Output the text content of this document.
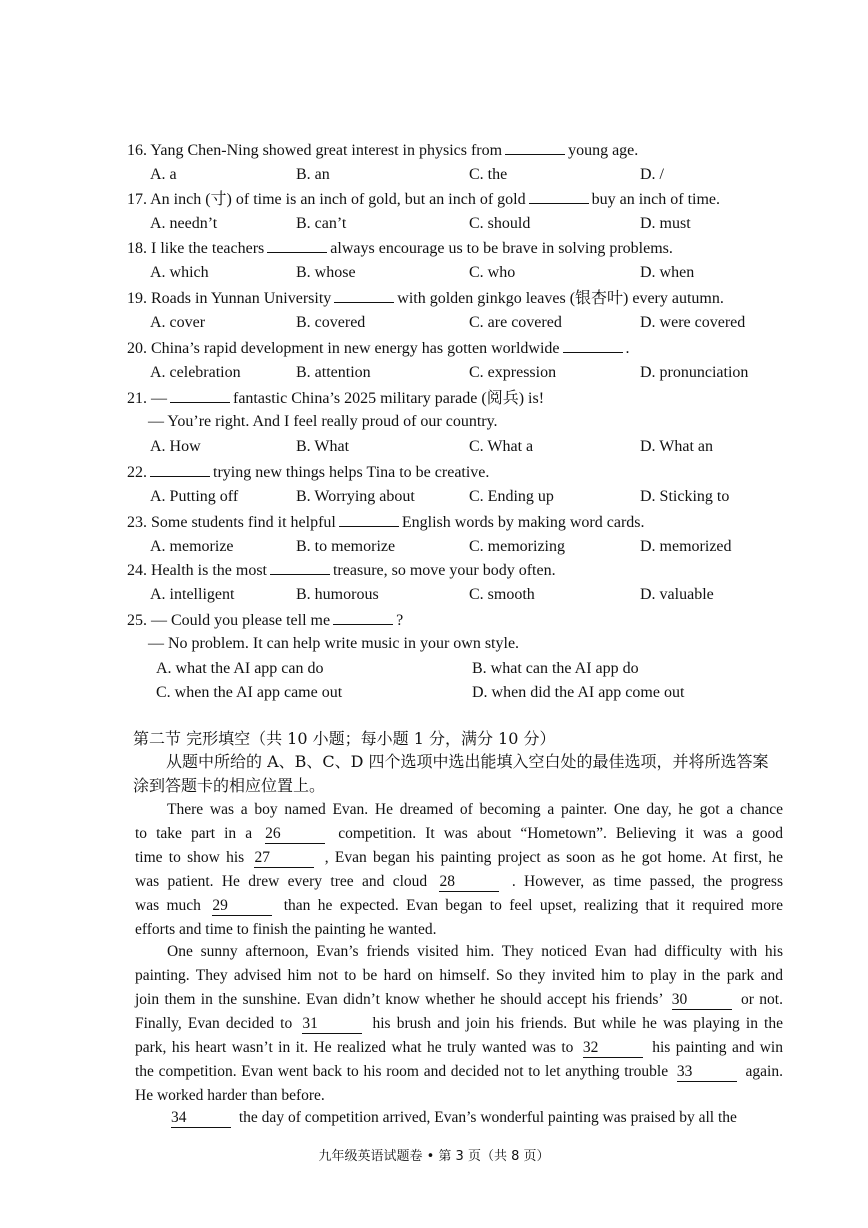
16. Yang Chen-Ning showed great interest in physics from	young age.
A. a	B. an	C. the	D. /
17. An inch (寸) of time is an inch of gold, but an inch of gold	buy an inch of time.
A. needn’t	B. can’t	C. should	D. must
18. I like the teachers	always encourage us to be brave in solving problems.
A. which	B. whose	C. who	D. when
19. Roads in Yunnan University	with golden ginkgo leaves (银杏叶) every autumn.
A. cover	B. covered	C. are covered	D. were covered
20. China’s rapid development in new energy has gotten worldwide	.
A. celebration	B. attention	C. expression	D. pronunciation
21. —	fantastic China’s 2025 military parade (阅兵) is!
— You’re right. And I feel really proud of our country.
A. How	B. What	C. What a	D. What an
22.	trying new things helps Tina to be creative.
A. Putting off	B. Worrying about	C. Ending up	D. Sticking to
23. Some students find it helpful	English words by making word cards.
A. memorize	B. to memorize	C. memorizing	D. memorized
24. Health is the most	treasure, so move your body often.
A. intelligent	B. humorous	C. smooth	D. valuable
25. — Could you please tell me	?
— No problem. It can help write music in your own style.
A. what the AI app can do	B. what can the AI app do
C. when the AI app came out	D. when did the AI app come out
第二节 完形填空（共 10 小题；每小题 1 分，满分 10 分）
从题中所给的 A、B、C、D 四个选项中选出能填入空白处的最佳选项，并将所选答案
涂到答题卡的相应位置上。
There was a boy named Evan. He dreamed of becoming a painter. One day, he got a chance
to take part in a 26	competition. It was about “Hometown”. Believing it was a good
time to show his 27	, Evan began his painting project as soon as he got home. At first, he
was patient. He drew every tree and cloud 28	. However, as time passed, the progress
was much 29	than he expected. Evan began to feel upset, realizing that it required more
efforts and time to finish the painting he wanted.
One sunny afternoon, Evan’s friends visited him. They noticed Evan had difficulty with his
painting. They advised him not to be hard on himself. So they invited him to play in the park and
join them in the sunshine. Evan didn’t know whether he should accept his friends’ 30	or not.
Finally, Evan decided to 31	his brush and join his friends. But while he was playing in the
park, his heart wasn’t in it. He realized what he truly wanted was to 32	his painting and win
the competition. Evan went back to his room and decided not to let anything trouble 33	again.
He worked harder than before.
34	the day of competition arrived, Evan’s wonderful painting was praised by all the
九年级英语试题卷 • 第 3 页（共 8 页）
